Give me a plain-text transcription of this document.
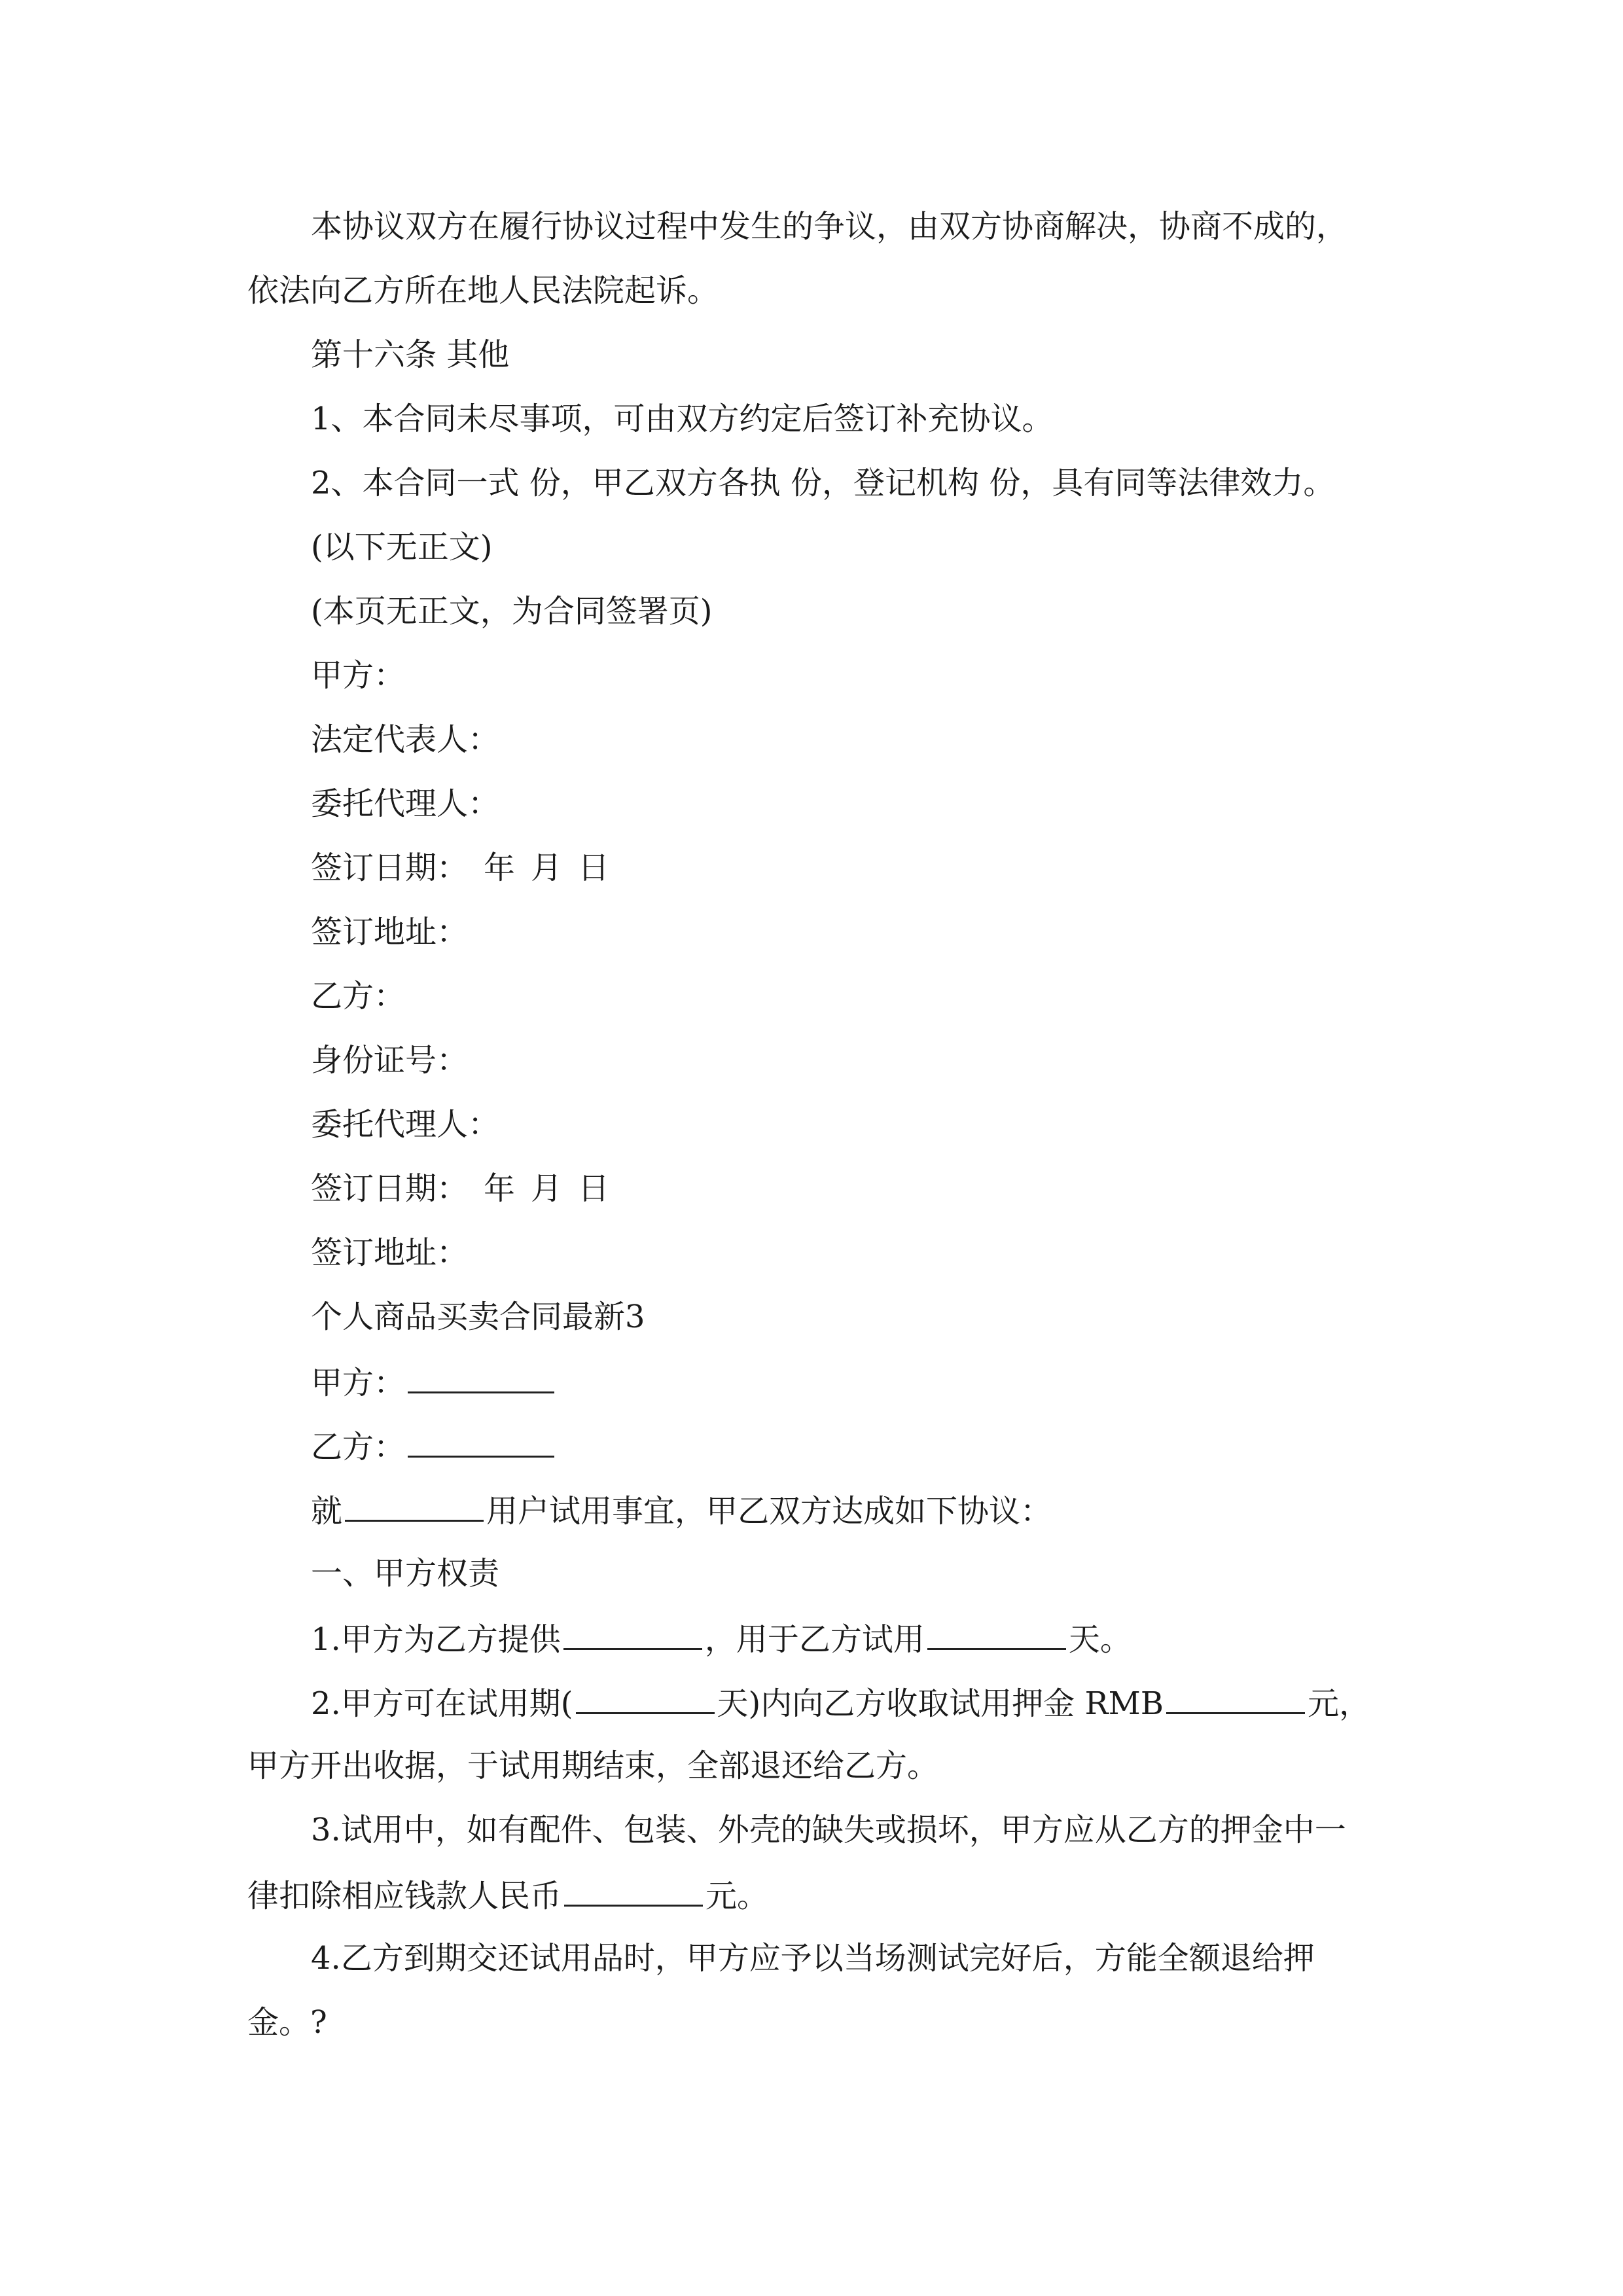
本协议双方在履行协议过程中发生的争议，由双方协商解决，协商不成的，
依法向乙方所在地人民法院起诉。
第十六条 其他
1、本合同未尽事项，可由双方约定后签订补充协议。
2、本合同一式 份，甲乙双方各执 份，登记机构 份，具有同等法律效力。
(以下无正文)
(本页无正文，为合同签署页)
甲方：
法定代表人：
委托代理人：
签订日期： 年 月 日
签订地址：
乙方：
身份证号：
委托代理人：
签订日期： 年 月 日
签订地址：
个人商品买卖合同最新3
甲方：
乙方：
就	用户试用事宜，甲乙双方达成如下协议：
一、甲方权责
1.甲方为乙方提供	，用于乙方试用	天。
2.甲方可在试用期(	天)内向乙方收取试用押金 RMB	元，
甲方开出收据，于试用期结束，全部退还给乙方。
3.试用中，如有配件、包装、外壳的缺失或损坏，甲方应从乙方的押金中一
律扣除相应钱款人民币	元。
4.乙方到期交还试用品时，甲方应予以当场测试完好后，方能全额退给押
金。?
